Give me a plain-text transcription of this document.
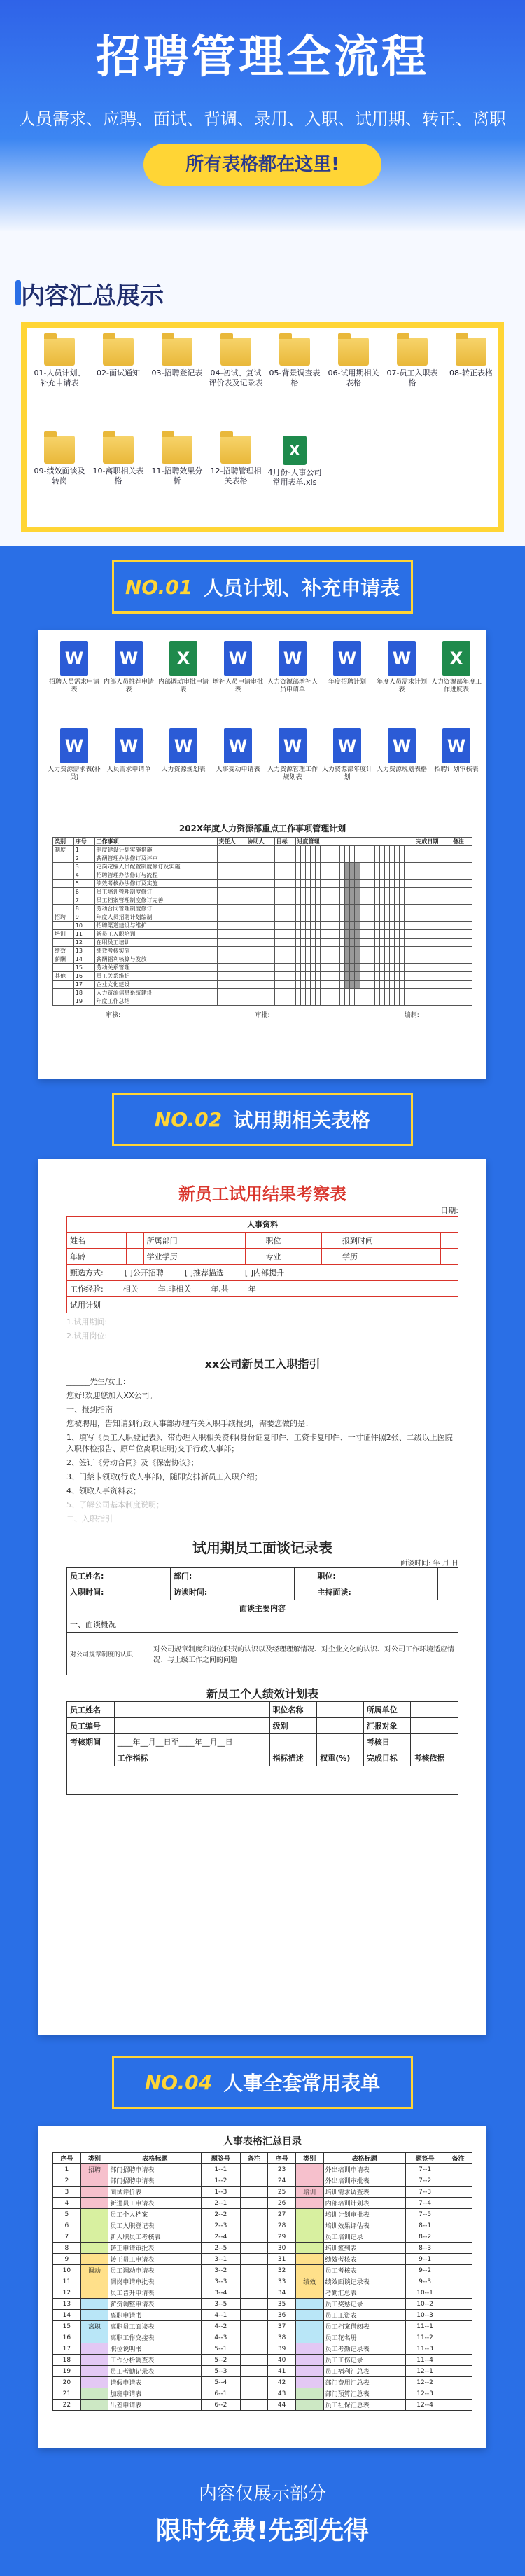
招聘管理全流程
人员需求、应聘、面试、背调、录用、入职、试用期、转正、离职
所有表格都在这里!
内容汇总展示
01-人员计划、补充申请表
02-面试通知	03-招聘登记表 04-初试、复试评价表及记录表
05-背景调查表格
06-试用期相关表格
07-员工入职表格
08-转正表格
09-绩效面谈及转岗
10-离职相关表格
11-招聘效果分析
12-招聘管理相关表格
X
4月份-人事公司常用表单.xls
NO.01 人员计划、补充申请表
W
招聘人员需求申请表
W
内部人员推荐申请表
X
内部调动审批申请表
W
增补人员申请审批表
W
人力资源部增补人员申请单
W
年度招聘计划
W
年度人员需求计划表
X
人力资源部年度工作进度表
W
人力资源需求表(补员)
W
人员需求申请单
W
人力资源规划表
W
人事变动申请表
W
人力资源管理工作规划表
W
人力资源部年度计划
W
人力资源规划表格
W
招聘计划审核表
202X年度人力资源部重点工作事项管理计划
类别	序号	工作事项	责任人	协助人	目标	进度管理																								完成日期	备注
制度	1	制度建设计划实施措施																													
	2	薪酬管理办法修订及评审																													
	3	定岗定编人员配置制度修订及实施																													
	4	招聘管理办法修订与流程																													
	5	绩效考核办法修订及实施																													
	6	员工培训管理制度修订																													
	7	员工档案管理制度修订完善																													
	8	劳动合同管理制度修订																													
招聘	9	年度人员招聘计划编制																													
	10	招聘渠道建设与维护																													
培训	11	新员工入职培训																													
	12	在职员工培训																													
绩效	13	绩效考核实施																													
薪酬	14	薪酬福利核算与发放																													
	15	劳动关系管理																													
其他	16	员工关系维护																													
	17	企业文化建设																													
	18	人力资源信息系统建设																													
	19	年度工作总结																													
审核:	审批:	编制:
NO.02 试用期相关表格
新员工试用结果考察表
日期:
人事资料							
姓名		所属部门		职位		报到时间	
年龄		学业学历		专业		学历	
甄选方式: [ ]公开招聘 [ ]推荐描选 [ ]内部提升							
工作经验: 相关 年,非相关 年,共 年							
试用计划							
1.试用期间:
2.试用岗位:
xx公司新员工入职指引
______先生/女士:
您好!欢迎您加入XX公司。
一、报到指南
您被聘用，告知请到行政人事部办理有关入职手续报到，需要您做的是：
1、填写《员工入职登记表》、带办理入职相关资料(身份证复印件、工资卡复印件、一寸证件照2张、二级以上医院入职体检报告、原单位离职证明)交于行政人事部；
2、签订《劳动合同》及《保密协议》；
3、门禁卡领取(行政人事部)，随即安排新员工入职介绍；
4、领取人事资料表；
5、了解公司基本制度说明；
二、入职指引
试用期员工面谈记录表
面谈时间: 年 月 日
员工姓名:		部门:		职位:	
入职时间:		访谈时间:		主持面谈:	
面谈主要内容					
一、面谈概况					
对公司规章制度的认识	对公司规章制度和岗位职责的认识以及经理理解情况、对企业文化的认识、对公司工作环境适应情况、与上级工作之间的问题				
新员工个人绩效计划表
员工姓名		职位名称		所属单位	
员工编号		级别		汇报对象	
考核期间	____年__月__日至____年__月__日			考核日	
	工作指标	指标描述	权重(%)	完成目标	考核依据

NO.04 人事全套常用表单
人事表格汇总目录
序号	类别	表格标题	题签号	备注	序号	类别	表格标题	题签号	备注
1	招聘	部门招聘申请表	1--1		23		外出培训申请表	7--1	
2		部门招聘申请表	1--2		24		外出培训审批表	7--2	
3		面试评价表	1--3		25	培训	培训需求调查表	7--3	
4		新进员工申请表	2--1		26		内部培训计划表	7--4	
5		员工个人档案	2--2		27		培训计划审批表	7--5	
6		员工入职登记表	2--3		28		培训效果评估表	8--1	
7		新入职员工考核表	2--4		29		员工培训记录	8--2	
8		转正申请审批表	2--5		30		培训签到表	8--3	
9		转正员工申请表	3--1		31		绩效考核表	9--1	
10	调动	员工调动申请表	3--2		32		员工考核表	9--2	
11		调岗申请审批表	3--3		33	绩效	绩效面谈记录表	9--3	
12		员工晋升申请表	3--4		34		考勤汇总表	10--1	
13		薪资调整申请表	3--5		35		员工奖惩记录	10--2	
14		离职申请书	4--1		36		员工工资表	10--3	
15	离职	离职员工面谈表	4--2		37		员工档案借阅表	11--1	
16		离职工作交接表	4--3		38		员工花名册	11--2	
17		职位说明书	5--1		39		员工考勤记录表	11--3	
18		工作分析调查表	5--2		40		员工工伤记录	11--4	
19		员工考勤记录表	5--3		41		员工福利汇总表	12--1	
20		请假申请表	5--4		42		部门费用汇总表	12--2	
21		加班申请表	6--1		43		部门预算汇总表	12--3	
22		出差申请表	6--2		44		员工社保汇总表	12--4	
内容仅展示部分
限时免费!先到先得
